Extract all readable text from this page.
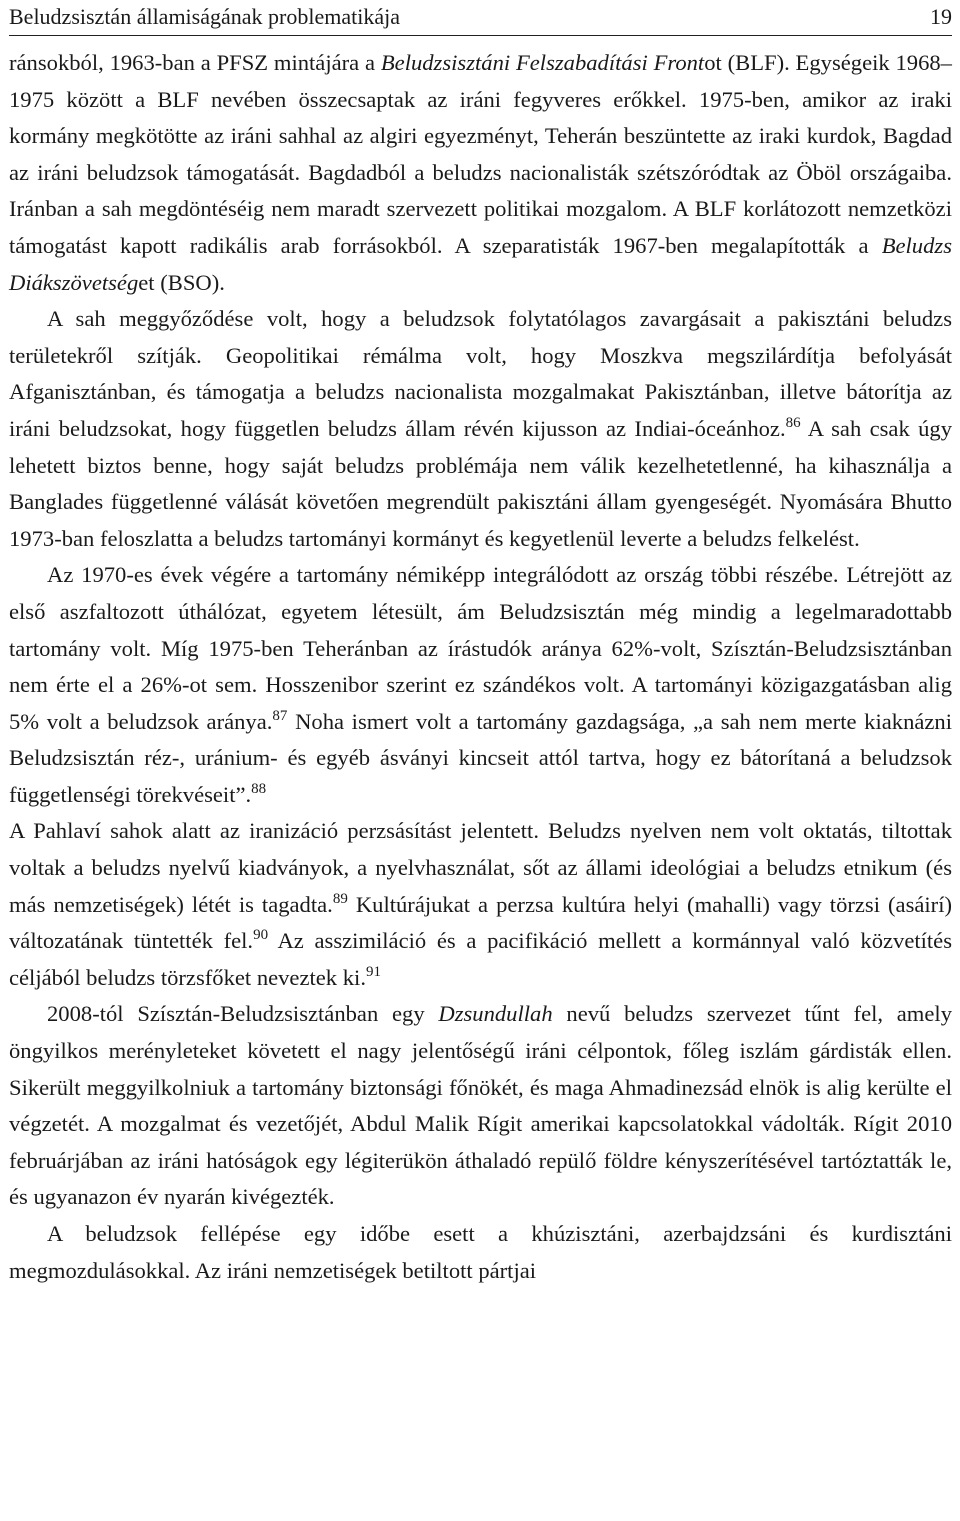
Beludzsisztán államiságának problematikája	19

ránsokból, 1963-ban a PFSZ mintájára a Beludzsisztáni Felszabadítási Frontot (BLF). Egységeik 1968–1975 között a BLF nevében összecsaptak az iráni fegyveres erőkkel. 1975-ben, amikor az iraki kormány megkötötte az iráni sahhal az algiri egyezményt, Teherán beszüntette az iraki kurdok, Bagdad az iráni beludzsok támogatását. Bagdadból a beludzs nacionalisták szétszóródtak az Öböl országaiba. Iránban a sah megdöntéséig nem maradt szervezett politikai mozgalom. A BLF korlátozott nemzetközi támogatást kapott radikális arab forrásokból. A szeparatisták 1967-ben megalapították a Beludzs Diákszövetséget (BSO).

A sah meggyőződése volt, hogy a beludzsok folytatólagos zavargásait a pakisztáni beludzs területekről szítják. Geopolitikai rémálma volt, hogy Moszkva megszilárdítja befolyását Afganisztánban, és támogatja a beludzs nacionalista mozgalmakat Pakisztánban, illetve bátorítja az iráni beludzsokat, hogy független beludzs állam révén kijusson az Indiai-óceánhoz.$^{86}$ A sah csak úgy lehetett biztos benne, hogy saját beludzs problémája nem válik kezelhetetlenné, ha kihasználja a Banglades függetlenné válását követően megrendült pakisztáni állam gyengeségét. Nyomására Bhutto 1973-ban feloszlatta a beludzs tartományi kormányt és kegyetlenül leverte a beludzs felkelést.

Az 1970-es évek végére a tartomány némiképp integrálódott az ország többi részébe. Létrejött az első aszfaltozott úthálózat, egyetem létesült, ám Beludzsisztán még mindig a legelmaradottabb tartomány volt. Míg 1975-ben Teheránban az írástudók aránya 62%-volt, Szísztán-Beludzsisztánban nem érte el a 26%-ot sem. Hosszenibor szerint ez szándékos volt. A tartományi közigazgatásban alig 5% volt a beludzsok aránya.$^{87}$ Noha ismert volt a tartomány gazdagsága, „a sah nem merte kiaknázni Beludzsisztán réz-, uránium- és egyéb ásványi kincseit attól tartva, hogy ez bátorítaná a beludzsok függetlenségi törekvéseit”.$^{88}$

A Pahlaví sahok alatt az iranizáció perzsásítást jelentett. Beludzs nyelven nem volt oktatás, tiltottak voltak a beludzs nyelvű kiadványok, a nyelvhasználat, sőt az állami ideológiai a beludzs etnikum (és más nemzetiségek) létét is tagadta.$^{89}$ Kultúrájukat a perzsa kultúra helyi (mahalli) vagy törzsi (asáirí) változatának tüntették fel.$^{90}$ Az asszimiláció és a pacifikáció mellett a kormánnyal való közvetítés céljából beludzs törzsfőket neveztek ki.$^{91}$

2008-tól Szísztán-Beludzsisztánban egy Dzsundullah nevű beludzs szervezet tűnt fel, amely öngyilkos merényleteket követett el nagy jelentőségű iráni célpontok, főleg iszlám gárdisták ellen. Sikerült meggyilkolniuk a tartomány biztonsági főnökét, és maga Ahmadinezsád elnök is alig kerülte el végzetét. A mozgalmat és vezetőjét, Abdul Malik Rígit amerikai kapcsolatokkal vádolták. Rígit 2010 februárjában az iráni hatóságok egy légiterükön áthaladó repülő földre kényszerítésével tartóztatták le, és ugyanazon év nyarán kivégezték.

A beludzsok fellépése egy időbe esett a khúzisztáni, azerbajdzsáni és kurdisztáni megmozdulásokkal. Az iráni nemzetiségek betiltott pártjai
